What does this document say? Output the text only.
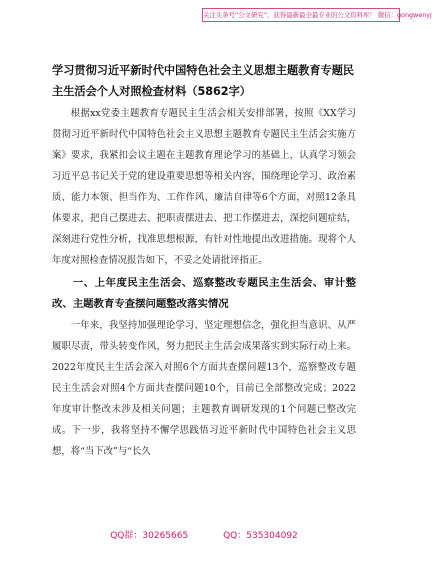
关注头条号“公文研究”，获得最新最全最专业的公文资料库！ 微信：gongwenyj
学习贯彻习近平新时代中国特色社会主义思想主题教育专题民主生活会个人对照检查材料（5862字）

根据xx党委主题教育专题民主生活会相关安排部署，按照《XX学习贯彻习近平新时代中国特色社会主义思想主题教育专题民主生活会实施方案》要求，我紧扣会议主题在主题教育理论学习的基础上，认真学习领会习近平总书记关于党的建设重要思想等相关内容，围绕理论学习、政治素质、能力本领、担当作为、工作作风、廉洁自律等6个方面，对照12条具体要求，把自己摆进去、把职责摆进去、把工作摆进去，深挖问题症结，深刻进行党性分析，找准思想根源，有针对性地提出改进措施。现将个人年度对照检查情况报告如下，不妥之处请批评指正。

一、上年度民主生活会、巡察整改专题民主生活会、审计整改、主题教育专查摆问题整改落实情况

一年来，我坚持加强理论学习、坚定理想信念，强化担当意识、从严履职尽责，带头转变作风，努力把民主生活会成果落实到实际行动上来。2022年度民主生活会深入对照6个方面共查摆问题13个，巡察整改专题民主生活会对照4个方面共查摆问题10个，目前已全部整改完成；2022年度审计整改未涉及相关问题；主题教育调研发现的1个问题已整改完成。下一步，我将坚持不懈学思践悟习近平新时代中国特色社会主义思想，将“当下改”与“长久

QQ群：30265665	QQ：535304092
